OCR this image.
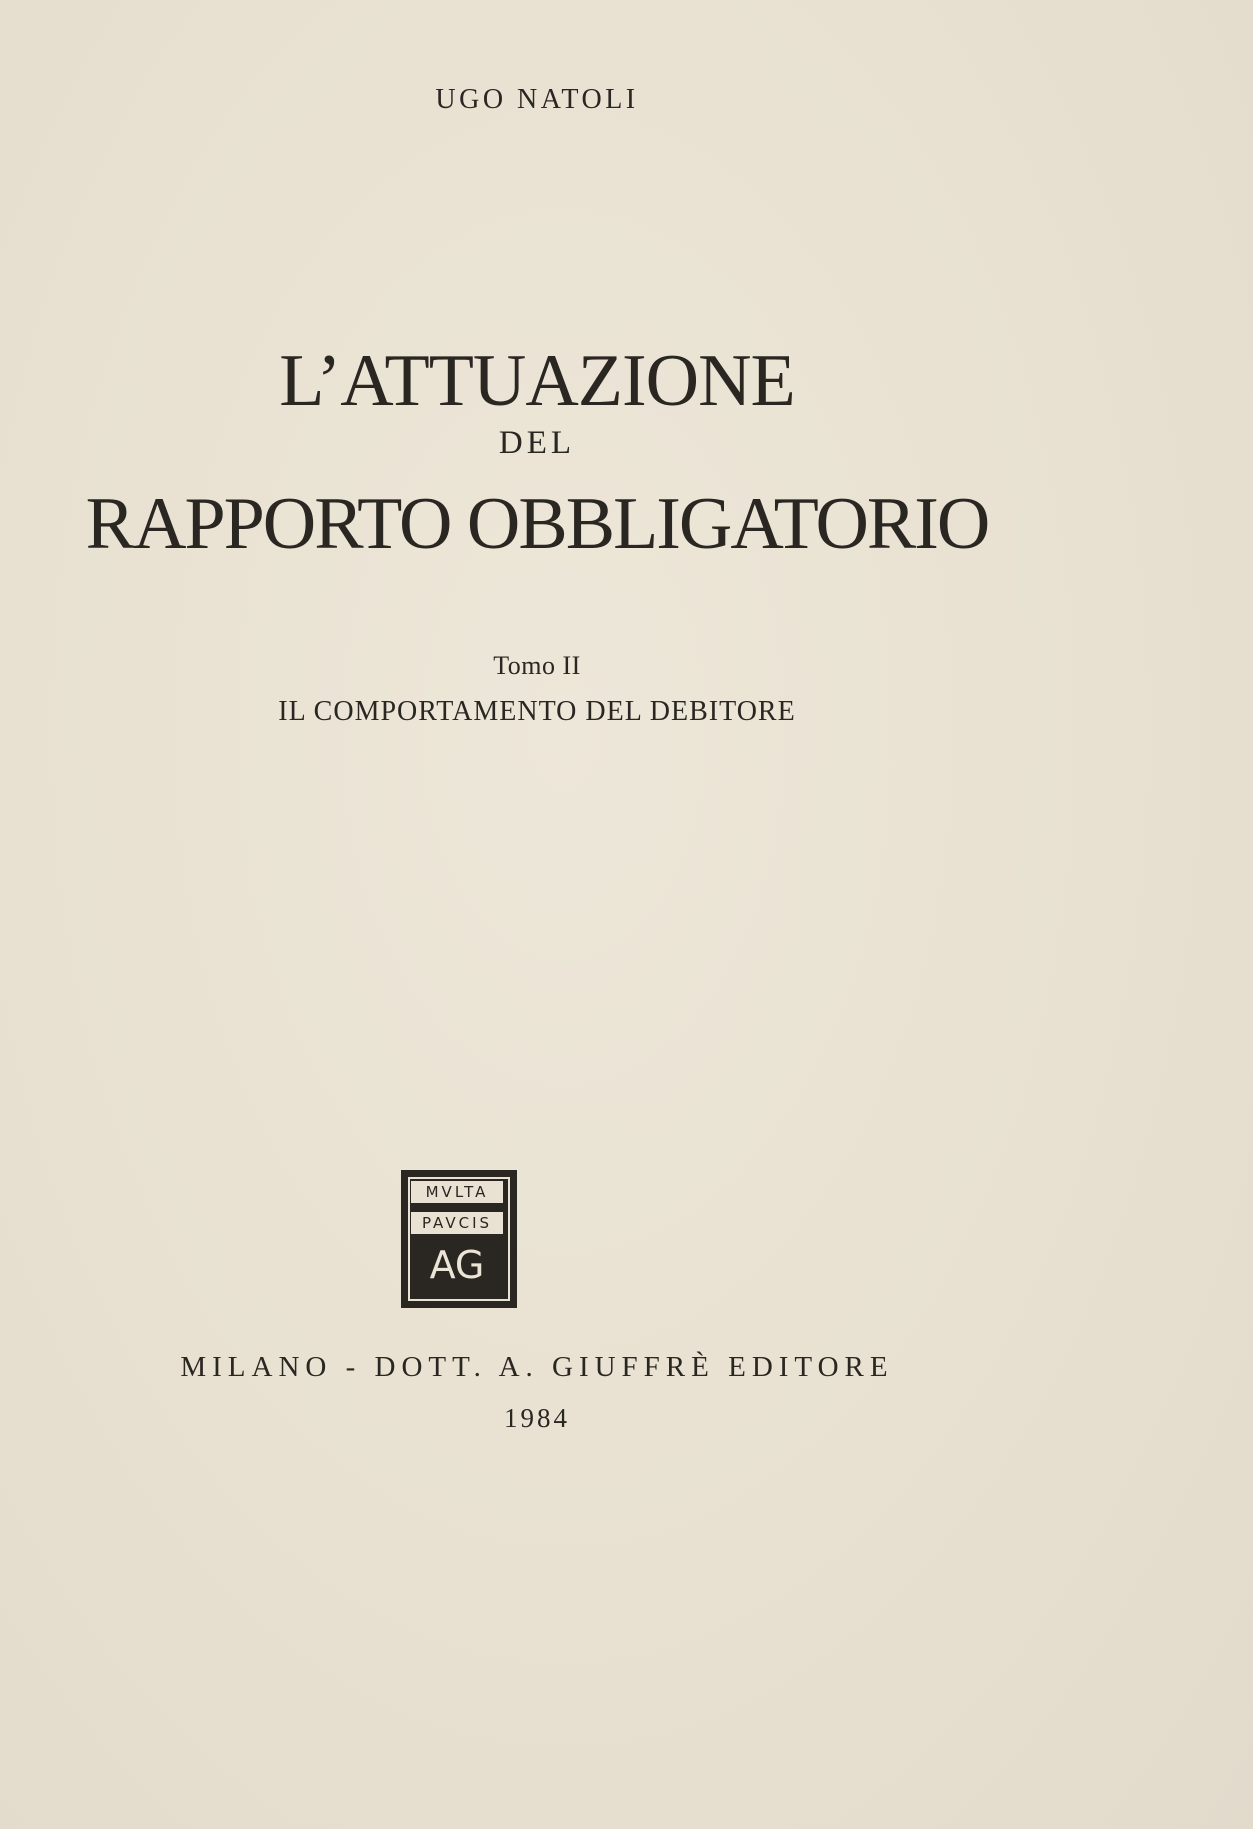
UGO NATOLI

L’ATTUAZIONE

DEL

RAPPORTO OBBLIGATORIO

Tomo II

IL COMPORTAMENTO DEL DEBITORE

MVLTA
PAVCIS
AG

MILANO - DOTT. A. GIUFFRÈ EDITORE

1984
